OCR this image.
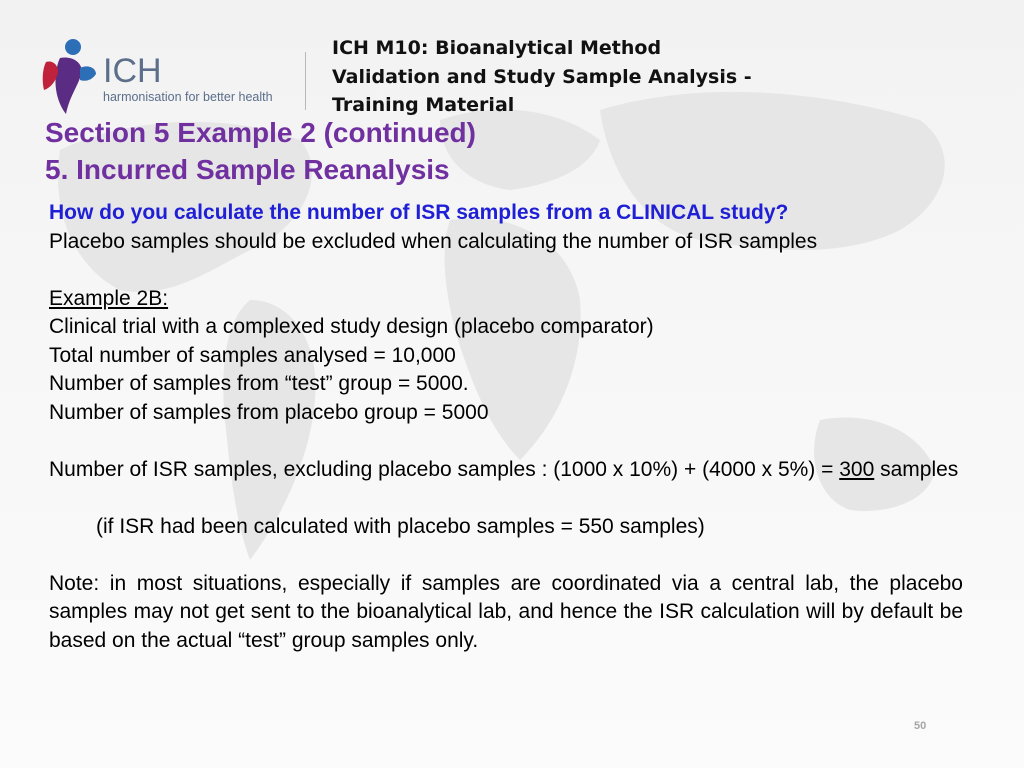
ICH
harmonisation for better health
ICH M10: Bioanalytical Method
Validation and Study Sample Analysis -
Training Material
Section 5 Example 2 (continued)
5. Incurred Sample Reanalysis

How do you calculate the number of ISR samples from a CLINICAL study?

Placebo samples should be excluded when calculating the number of ISR samples

Example 2B:

Clinical trial with a complexed study design (placebo comparator)

Total number of samples analysed = 10,000

Number of samples from “test” group = 5000.

Number of samples from placebo group = 5000

Number of ISR samples, excluding placebo samples : (1000 x 10%) + (4000 x 5%) = 300 samples

(if ISR had been calculated with placebo samples = 550 samples)

Note: in most situations, especially if samples are coordinated via a central lab, the placebo samples may not get sent to the bioanalytical lab, and hence the ISR calculation will by default be based on the actual “test” group samples only.

50
